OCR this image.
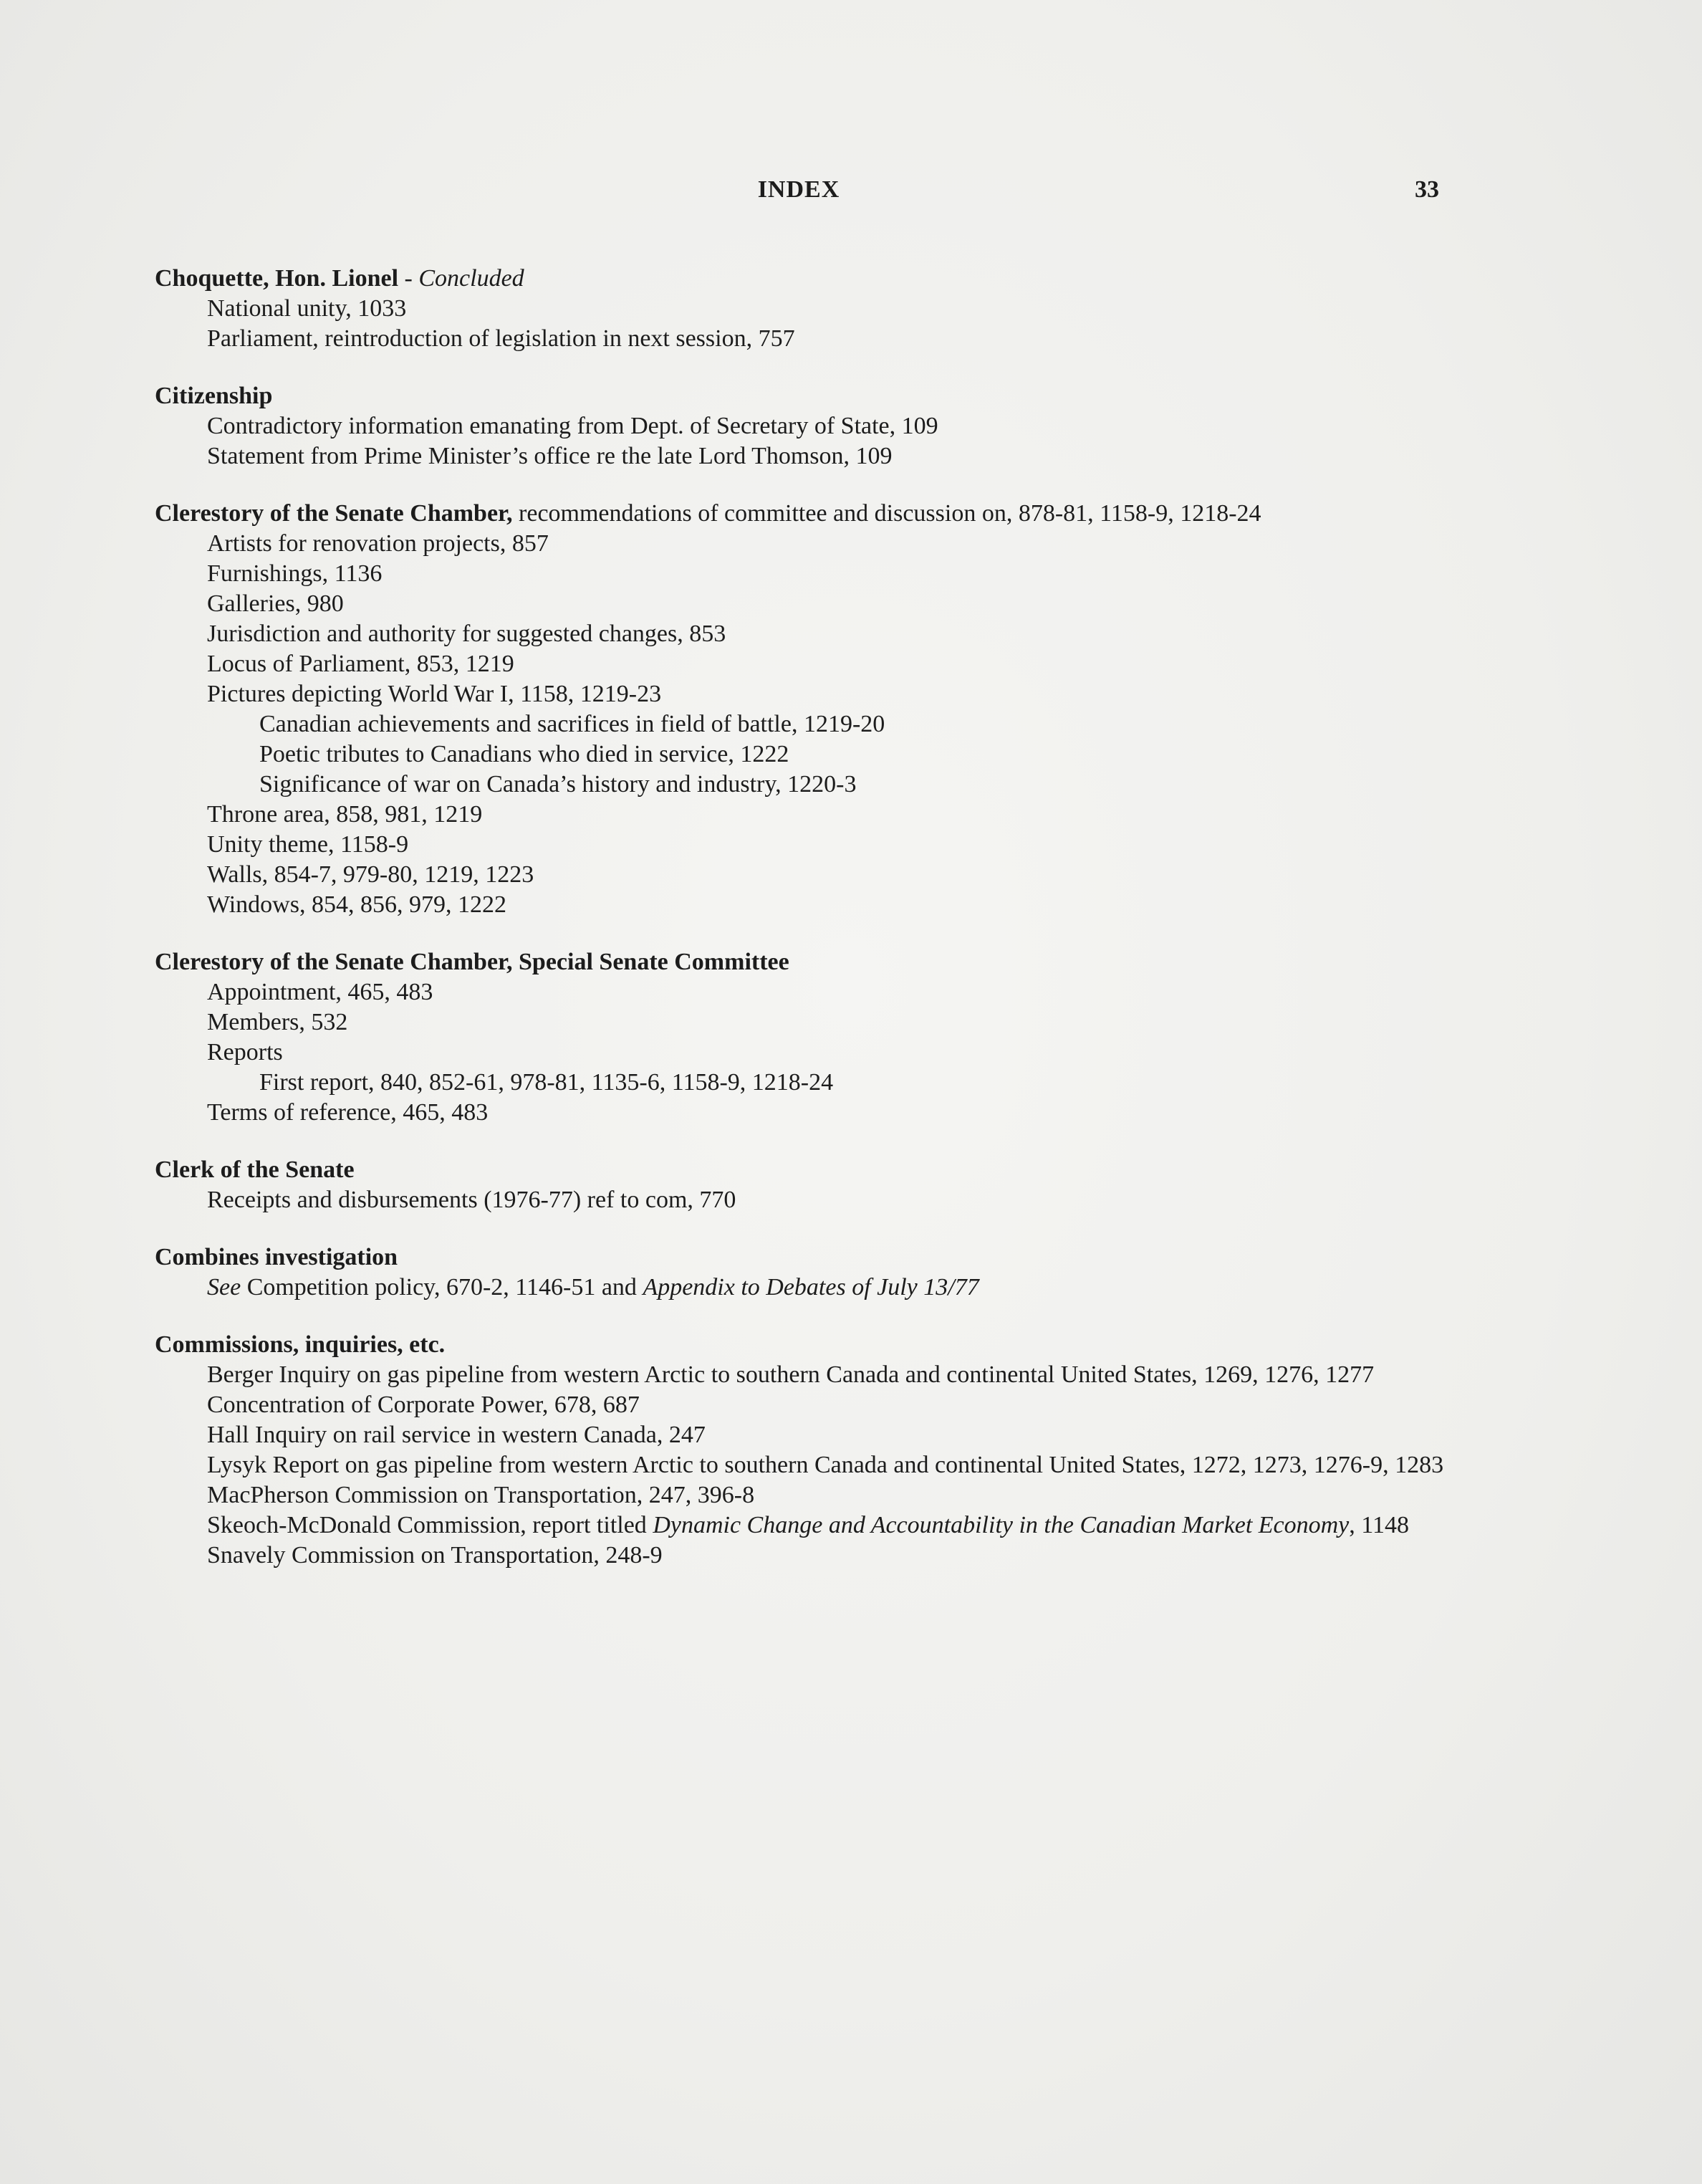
INDEX	33
Choquette, Hon. Lionel - Concluded
National unity, 1033
Parliament, reintroduction of legislation in next session, 757
Citizenship
Contradictory information emanating from Dept. of Secretary of State, 109
Statement from Prime Minister’s office re the late Lord Thomson, 109
Clerestory of the Senate Chamber, recommendations of committee and discussion on, 878-81, 1158-9, 1218-24
Artists for renovation projects, 857
Furnishings, 1136
Galleries, 980
Jurisdiction and authority for suggested changes, 853
Locus of Parliament, 853, 1219
Pictures depicting World War I, 1158, 1219-23
Canadian achievements and sacrifices in field of battle, 1219-20
Poetic tributes to Canadians who died in service, 1222
Significance of war on Canada’s history and industry, 1220-3
Throne area, 858, 981, 1219
Unity theme, 1158-9
Walls, 854-7, 979-80, 1219, 1223
Windows, 854, 856, 979, 1222
Clerestory of the Senate Chamber, Special Senate Committee
Appointment, 465, 483
Members, 532
Reports
First report, 840, 852-61, 978-81, 1135-6, 1158-9, 1218-24
Terms of reference, 465, 483
Clerk of the Senate
Receipts and disbursements (1976-77) ref to com, 770
Combines investigation
See Competition policy, 670-2, 1146-51 and Appendix to Debates of July 13/77
Commissions, inquiries, etc.
Berger Inquiry on gas pipeline from western Arctic to southern Canada and continental United States, 1269, 1276, 1277
Concentration of Corporate Power, 678, 687
Hall Inquiry on rail service in western Canada, 247
Lysyk Report on gas pipeline from western Arctic to southern Canada and continental United States, 1272, 1273, 1276-9, 1283
MacPherson Commission on Transportation, 247, 396-8
Skeoch-McDonald Commission, report titled Dynamic Change and Accountability in the Canadian Market Economy, 1148
Snavely Commission on Transportation, 248-9
